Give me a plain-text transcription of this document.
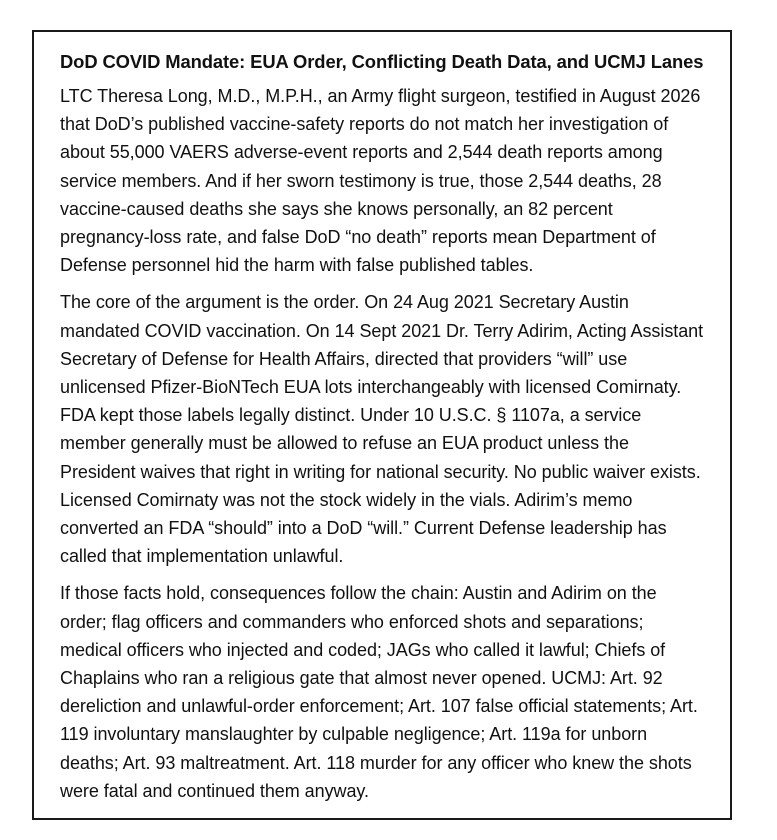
DoD COVID Mandate: EUA Order, Conflicting Death Data, and UCMJ Lanes

LTC Theresa Long, M.D., M.P.H., an Army flight surgeon, testified in August 2026 that DoD’s published vaccine-safety reports do not match her investigation of about 55,000 VAERS adverse-event reports and 2,544 death reports among service members. And if her sworn testimony is true, those 2,544 deaths, 28 vaccine-caused deaths she says she knows personally, an 82 percent pregnancy-loss rate, and false DoD “no death” reports mean Department of Defense personnel hid the harm with false published tables.

The core of the argument is the order. On 24 Aug 2021 Secretary Austin mandated COVID vaccination. On 14 Sept 2021 Dr. Terry Adirim, Acting Assistant Secretary of Defense for Health Affairs, directed that providers “will” use unlicensed Pfizer-BioNTech EUA lots interchangeably with licensed Comirnaty. FDA kept those labels legally distinct. Under 10 U.S.C. § 1107a, a service member generally must be allowed to refuse an EUA product unless the President waives that right in writing for national security. No public waiver exists. Licensed Comirnaty was not the stock widely in the vials. Adirim’s memo converted an FDA “should” into a DoD “will.” Current Defense leadership has called that implementation unlawful.

If those facts hold, consequences follow the chain: Austin and Adirim on the order; flag officers and commanders who enforced shots and separations; medical officers who injected and coded; JAGs who called it lawful; Chiefs of Chaplains who ran a religious gate that almost never opened. UCMJ: Art. 92 dereliction and unlawful-order enforcement; Art. 107 false official statements; Art. 119 involuntary manslaughter by culpable negligence; Art. 119a for unborn deaths; Art. 93 maltreatment. Art. 118 murder for any officer who knew the shots were fatal and continued them anyway.
